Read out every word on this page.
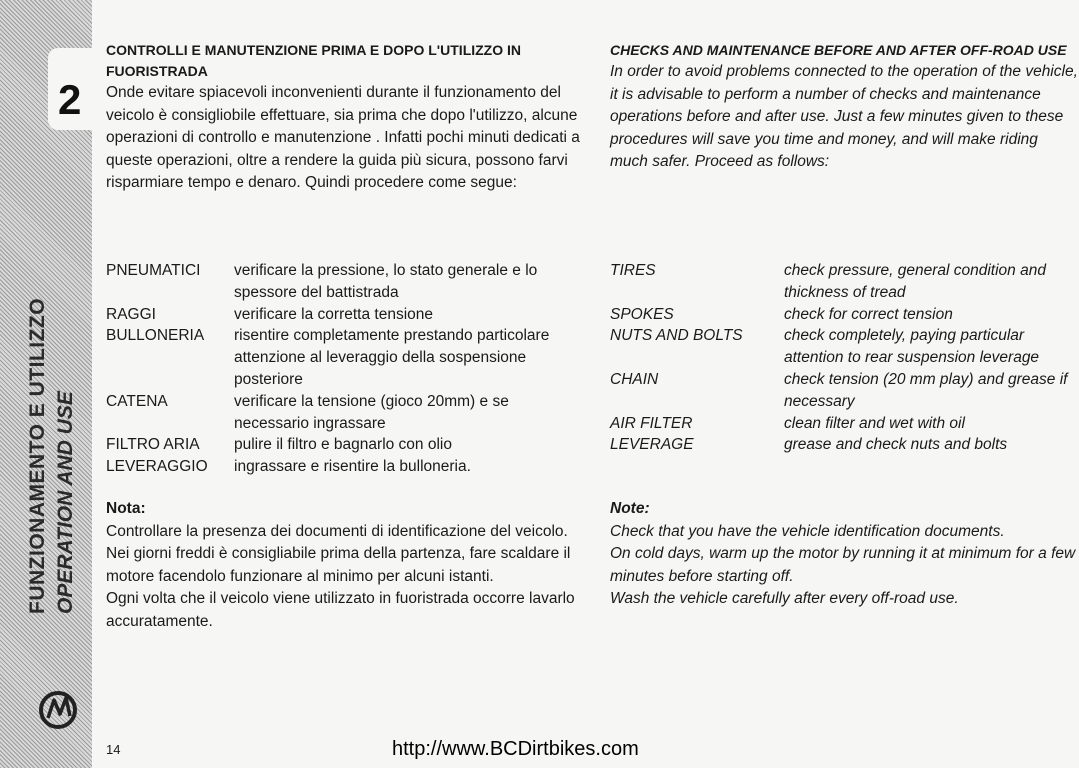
2
FUNZIONAMENTO E UTILIZZO OPERATION AND USE

CONTROLLI E MANUTENZIONE PRIMA E DOPO L'UTILIZZO IN FUORISTRADA

Onde evitare spiacevoli inconvenienti durante il funzionamento del veicolo è consigliobile effettuare, sia prima che dopo l'utilizzo, alcune operazioni di controllo e manutenzione . Infatti pochi minuti dedicati a queste operazioni, oltre a rendere la guida più sicura, possono farvi risparmiare tempo e denaro. Quindi procedere come segue:

PNEUMATICI verificare la pressione, lo stato generale e lo spessore del battistrada
RAGGI	verificare la corretta tensione
BULLONERIA risentire completamente prestando particolare attenzione al leveraggio della sospensione posteriore
CATENA	verificare la tensione (gioco 20mm) e se necessario ingrassare
FILTRO ARIA pulire il filtro e bagnarlo con olio
LEVERAGGIO ingrassare e risentire la bulloneria.

Nota:

Controllare la presenza dei documenti di identificazione del veicolo.

Nei giorni freddi è consigliabile prima della partenza, fare scaldare il motore facendolo funzionare al minimo per alcuni istanti.

Ogni volta che il veicolo viene utilizzato in fuoristrada occorre lavarlo accuratamente.

CHECKS AND MAINTENANCE BEFORE AND AFTER OFF-ROAD USE

In order to avoid problems connected to the operation of the vehicle, it is advisable to perform a number of checks and maintenance operations before and after use. Just a few minutes given to these procedures will save you time and money, and will make riding much safer. Proceed as follows:

TIRES	check pressure, general condition and thickness of tread
SPOKES	check for correct tension
NUTS AND BOLTS	check completely, paying particular attention to rear suspension leverage
CHAIN	check tension (20 mm play) and grease if necessary
AIR FILTER	clean filter and wet with oil
LEVERAGE	grease and check nuts and bolts

Note:

Check that you have the vehicle identification documents.

On cold days, warm up the motor by running it at minimum for a few minutes before starting off.

Wash the vehicle carefully after every off-road use.

14	http://www.BCDirtbikes.com
